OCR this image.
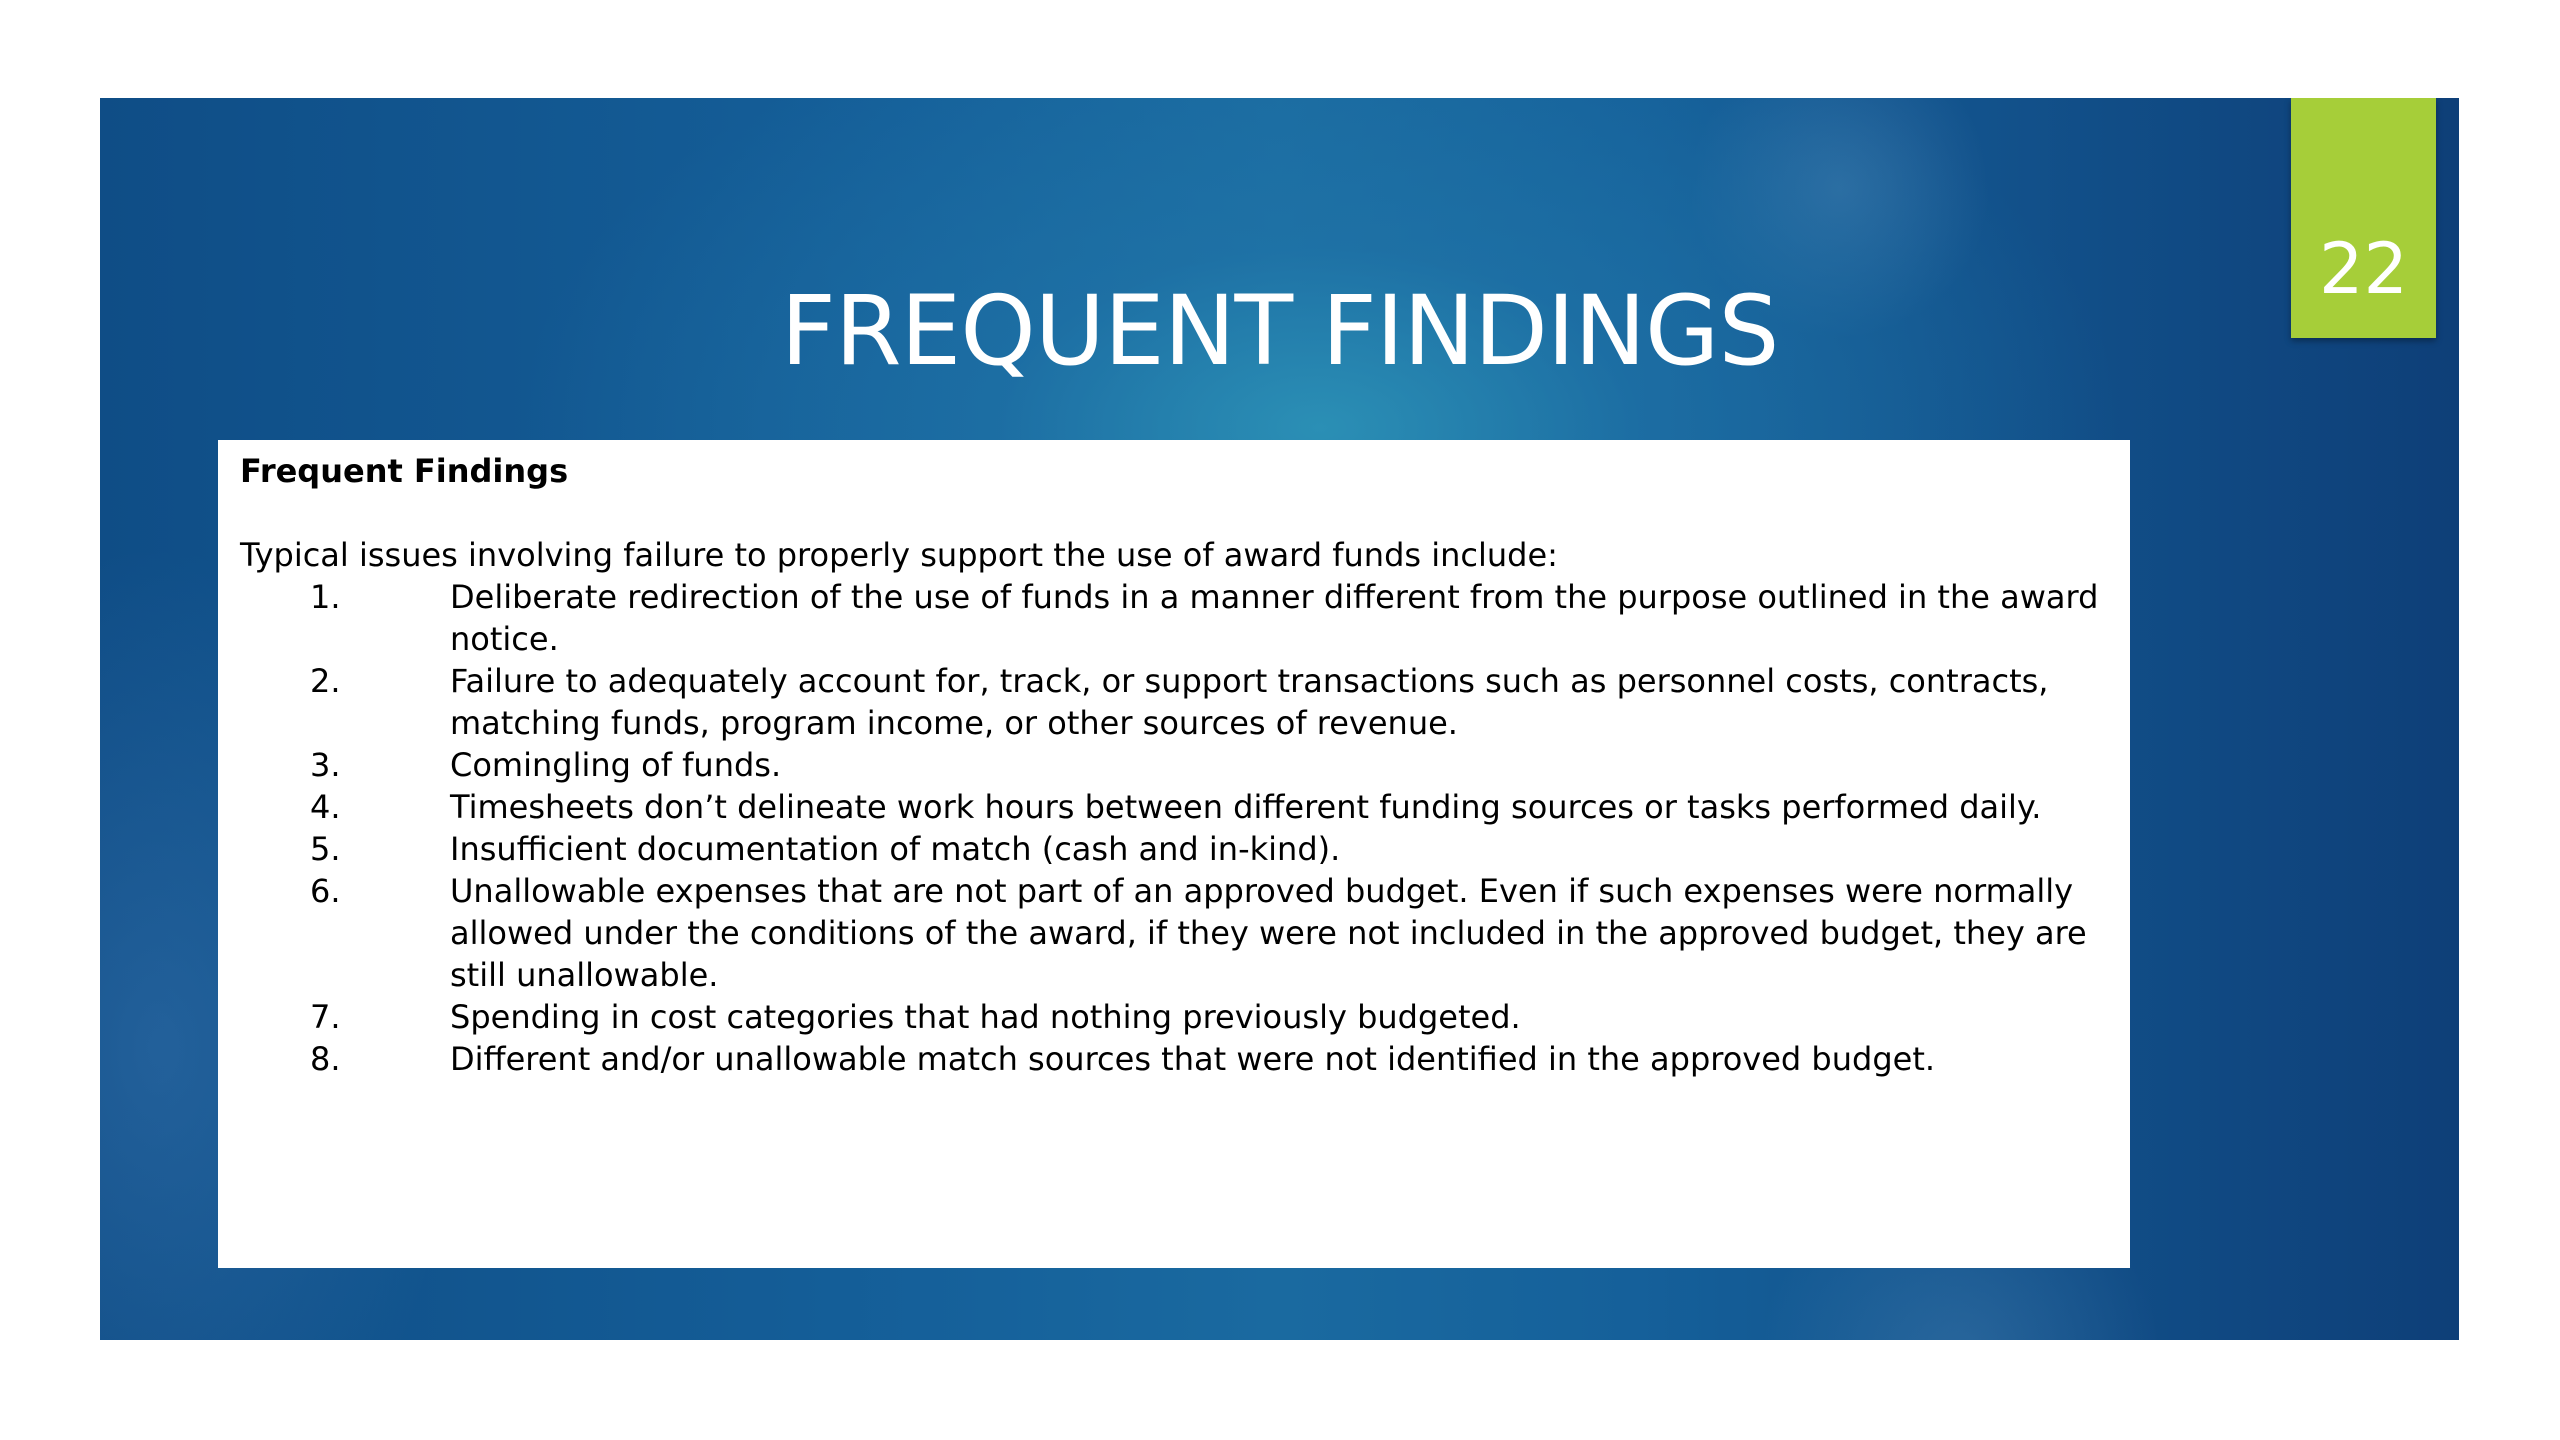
22
FREQUENT FINDINGS

Frequent Findings

Typical issues involving failure to properly support the use of award funds include:

1.	Deliberate redirection of the use of funds in a manner different from the purpose outlined in the award notice.
2.	Failure to adequately account for, track, or support transactions such as personnel costs, contracts, matching funds, program income, or other sources of revenue.
3.	Comingling of funds.
4.	Timesheets don’t delineate work hours between different funding sources or tasks performed daily.
5.	Insufficient documentation of match (cash and in-kind).
6.	Unallowable expenses that are not part of an approved budget. Even if such expenses were normally allowed under the conditions of the award, if they were not included in the approved budget, they are still unallowable.
7.	Spending in cost categories that had nothing previously budgeted.
8.	Different and/or unallowable match sources that were not identified in the approved budget.
